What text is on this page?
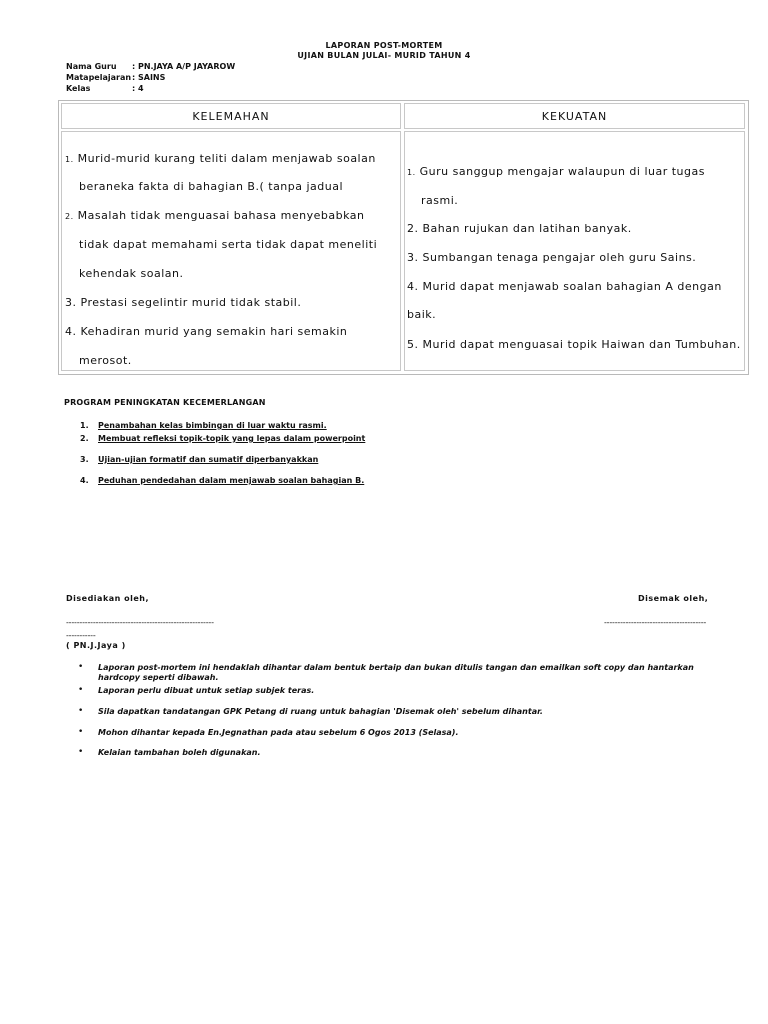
LAPORAN POST-MORTEM
UJIAN BULAN JULAI- MURID TAHUN 4
Nama Guru : PN.JAYA A/P JAYAROW
Matapelajaran: SAINS
Kelas	: 4
KELEMAHAN	KEKUATAN
1. Murid-murid kurang teliti dalam menjawab soalan
beraneka fakta di bahagian B.( tanpa jadual
2. Masalah tidak menguasai bahasa menyebabkan
tidak dapat memahami serta tidak dapat meneliti
kehendak soalan.
3. Prestasi segelintir murid tidak stabil.
4. Kehadiran murid yang semakin hari semakin
merosot.
1. Guru sanggup mengajar walaupun di luar tugas
rasmi.
2. Bahan rujukan dan latihan banyak.
3. Sumbangan tenaga pengajar oleh guru Sains.
4. Murid dapat menjawab soalan bahagian A dengan
baik.
5. Murid dapat menguasai topik Haiwan dan Tumbuhan.
PROGRAM PENINGKATAN KECEMERLANGAN
1. Penambahan kelas bimbingan di luar waktu rasmi.
2. Membuat refleksi topik-topik yang lepas dalam powerpoint
3. Ujian-ujian formatif dan sumatif diperbanyakkan
4. Peduhan pendedahan dalam menjawab soalan bahagian B.
Disediakan oleh,	Disemak oleh,
-------------------------------------------------------	--------------------------------------
-----------
( PN.J.Jaya )
• Laporan post-mortem ini hendaklah dihantar dalam bentuk bertaip dan bukan ditulis tangan dan emailkan soft copy dan hantarkan hardcopy seperti dibawah.
• Laporan perlu dibuat untuk setiap subjek teras.
• Sila dapatkan tandatangan GPK Petang di ruang untuk bahagian 'Disemak oleh' sebelum dihantar.
• Mohon dihantar kepada En.Jegnathan pada atau sebelum 6 Ogos 2013 (Selasa).
• Kelaian tambahan boleh digunakan.
